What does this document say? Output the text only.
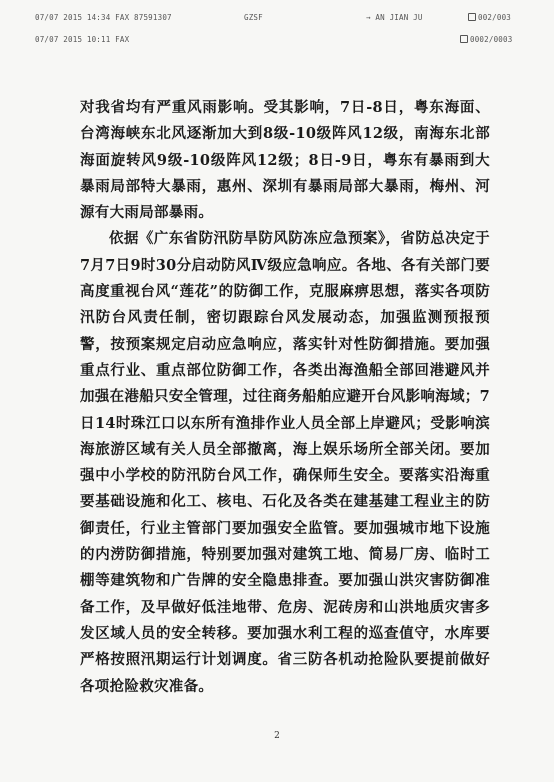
07/07 2015 14:34 FAX 87591307	GZSF	→ AN JIAN JU	002/003
07/07 2015 10:11 FAX	0002/0003

对我省均有严重风雨影响。受其影响，7日-8日，粤东海面、台湾海峡东北风逐渐加大到8级-10级阵风12级，南海东北部海面旋转风9级-10级阵风12级；8日-9日，粤东有暴雨到大暴雨局部特大暴雨，惠州、深圳有暴雨局部大暴雨，梅州、河源有大雨局部暴雨。

依据《广东省防汛防旱防风防冻应急预案》，省防总决定于7月7日9时30分启动防风Ⅳ级应急响应。各地、各有关部门要高度重视台风“莲花”的防御工作，克服麻痹思想，落实各项防汛防台风责任制，密切跟踪台风发展动态，加强监测预报预警，按预案规定启动应急响应，落实针对性防御措施。要加强重点行业、重点部位防御工作，各类出海渔船全部回港避风并加强在港船只安全管理，过往商务船舶应避开台风影响海域；7日14时珠江口以东所有渔排作业人员全部上岸避风；受影响滨海旅游区域有关人员全部撤离，海上娱乐场所全部关闭。要加强中小学校的防汛防台风工作，确保师生安全。要落实沿海重要基础设施和化工、核电、石化及各类在建基建工程业主的防御责任，行业主管部门要加强安全监管。要加强城市地下设施的内涝防御措施，特别要加强对建筑工地、简易厂房、临时工棚等建筑物和广告牌的安全隐患排查。要加强山洪灾害防御准备工作，及早做好低洼地带、危房、泥砖房和山洪地质灾害多发区域人员的安全转移。要加强水利工程的巡查值守，水库要严格按照汛期运行计划调度。省三防各机动抢险队要提前做好各项抢险救灾准备。

2
